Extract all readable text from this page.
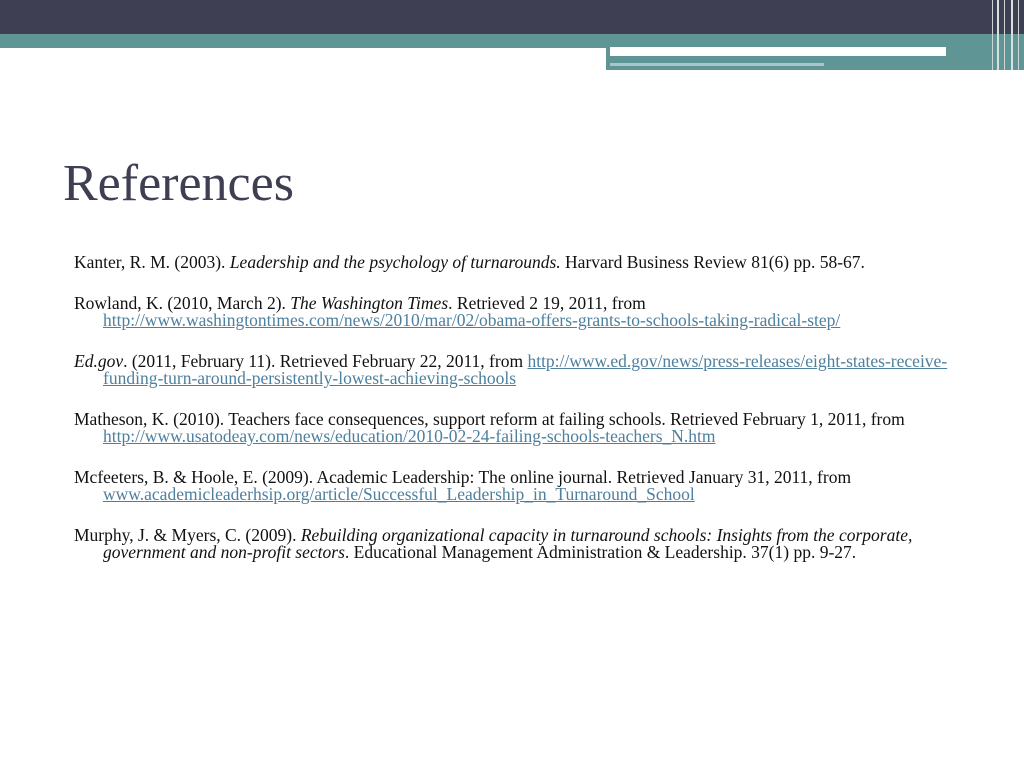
References

Kanter, R. M. (2003). Leadership and the psychology of turnarounds. Harvard Business Review 81(6) pp. 58-67.

Rowland, K. (2010, March 2). The Washington Times. Retrieved 2 19, 2011, from http://www.washingtontimes.com/news/2010/mar/02/obama-offers-grants-to-schools-taking-radical-step/

Ed.gov. (2011, February 11). Retrieved February 22, 2011, from http://www.ed.gov/news/press-releases/eight-states-receive-funding-turn-around-persistently-lowest-achieving-schools

Matheson, K. (2010). Teachers face consequences, support reform at failing schools. Retrieved February 1, 2011, from http://www.usatodeay.com/news/education/2010-02-24-failing-schools-teachers_N.htm

Mcfeeters, B. & Hoole, E. (2009). Academic Leadership: The online journal. Retrieved January 31, 2011, from www.academicleaderhsip.org/article/Successful_Leadership_in_Turnaround_School

Murphy, J. & Myers, C. (2009). Rebuilding organizational capacity in turnaround schools: Insights from the corporate, government and non-profit sectors. Educational Management Administration & Leadership. 37(1) pp. 9-27.
